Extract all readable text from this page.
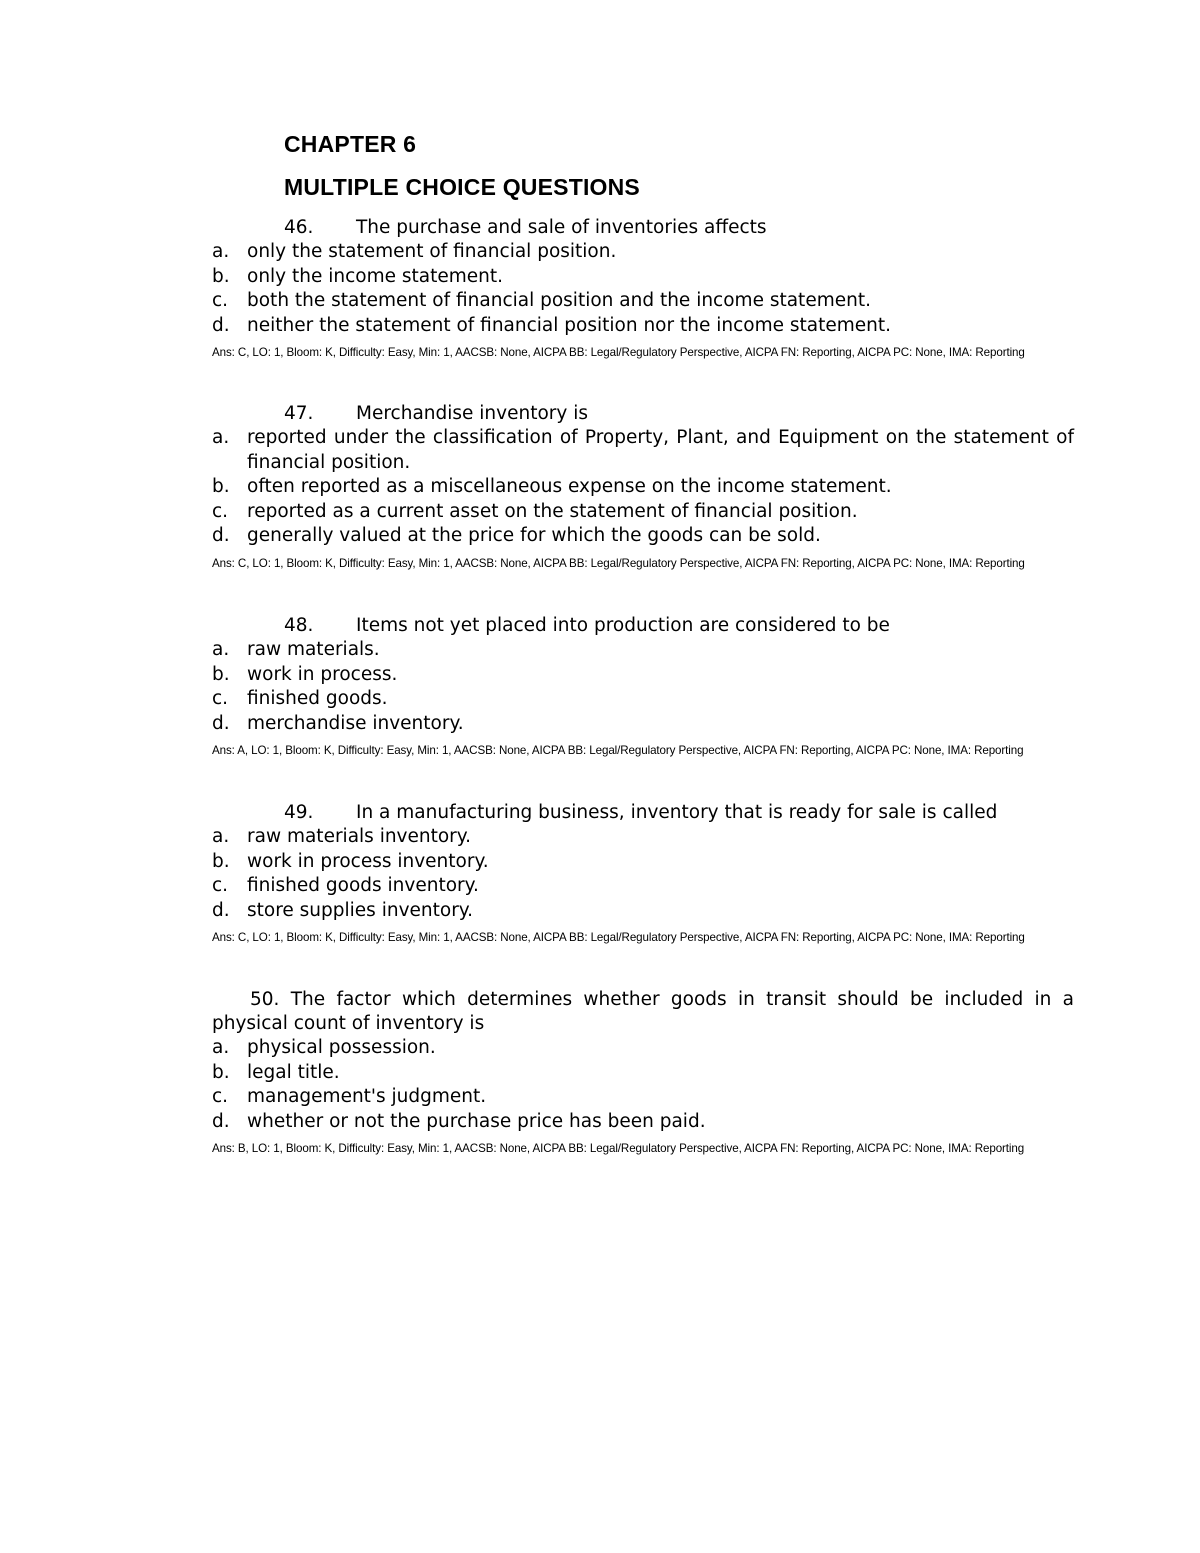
CHAPTER 6
MULTIPLE CHOICE QUESTIONS
46. The purchase and sale of inventories affects
a. only the statement of financial position.
b. only the income statement.
c.	both the statement of financial position and the income statement.
d. neither the statement of financial position nor the income statement.
Ans: C, LO: 1, Bloom: K, Difficulty: Easy, Min: 1, AACSB: None, AICPA BB: Legal/Regulatory Perspective, AICPA FN: Reporting, AICPA PC: None, IMA: Reporting
47. Merchandise inventory is
a. reported under the classification of Property, Plant, and Equipment on the statement of financial position.
b. often reported as a miscellaneous expense on the income statement.
c.	reported as a current asset on the statement of financial position.
d. generally valued at the price for which the goods can be sold.
Ans: C, LO: 1, Bloom: K, Difficulty: Easy, Min: 1, AACSB: None, AICPA BB: Legal/Regulatory Perspective, AICPA FN: Reporting, AICPA PC: None, IMA: Reporting
48. Items not yet placed into production are considered to be
a. raw materials.
b. work in process.
c.	finished goods.
d. merchandise inventory.
Ans: A, LO: 1, Bloom: K, Difficulty: Easy, Min: 1, AACSB: None, AICPA BB: Legal/Regulatory Perspective, AICPA FN: Reporting, AICPA PC: None, IMA: Reporting
49. In a manufacturing business, inventory that is ready for sale is called
a. raw materials inventory.
b. work in process inventory.
c.	finished goods inventory.
d. store supplies inventory.
Ans: C, LO: 1, Bloom: K, Difficulty: Easy, Min: 1, AACSB: None, AICPA BB: Legal/Regulatory Perspective, AICPA FN: Reporting, AICPA PC: None, IMA: Reporting
50. The factor which determines whether goods in transit should be included in a physical count of inventory is
a. physical possession.
b. legal title.
c.	management's judgment.
d. whether or not the purchase price has been paid.
Ans: B, LO: 1, Bloom: K, Difficulty: Easy, Min: 1, AACSB: None, AICPA BB: Legal/Regulatory Perspective, AICPA FN: Reporting, AICPA PC: None, IMA: Reporting
